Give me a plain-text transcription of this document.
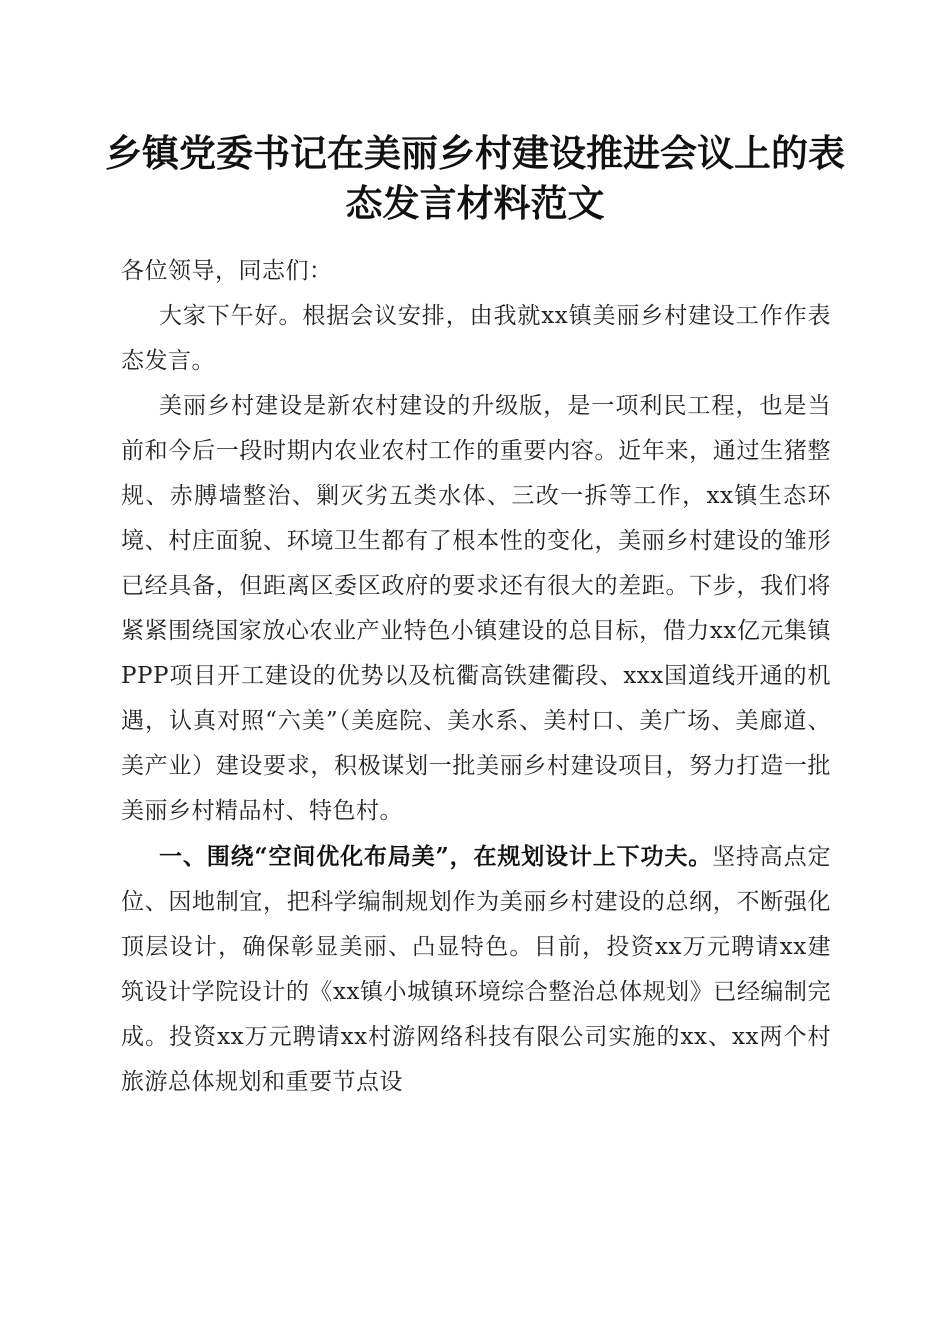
乡镇党委书记在美丽乡村建设推进会议上的表态发言材料范文

各位领导，同志们：

大家下午好。根据会议安排，由我就xx镇美丽乡村建设工作作表态发言。

美丽乡村建设是新农村建设的升级版，是一项利民工程，也是当前和今后一段时期内农业农村工作的重要内容。近年来，通过生猪整规、赤膊墙整治、剿灭劣五类水体、三改一拆等工作，xx镇生态环境、村庄面貌、环境卫生都有了根本性的变化，美丽乡村建设的雏形已经具备，但距离区委区政府的要求还有很大的差距。下步，我们将紧紧围绕国家放心农业产业特色小镇建设的总目标，借力xx亿元集镇PPP项目开工建设的优势以及杭衢高铁建衢段、xxx国道线开通的机遇，认真对照“六美”（美庭院、美水系、美村口、美广场、美廊道、美产业）建设要求，积极谋划一批美丽乡村建设项目，努力打造一批美丽乡村精品村、特色村。

一、围绕“空间优化布局美”，在规划设计上下功夫。坚持高点定位、因地制宜，把科学编制规划作为美丽乡村建设的总纲，不断强化顶层设计，确保彰显美丽、凸显特色。目前，投资xx万元聘请xx建筑设计学院设计的《xx镇小城镇环境综合整治总体规划》已经编制完成。投资xx万元聘请xx村游网络科技有限公司实施的xx、xx两个村旅游总体规划和重要节点设
